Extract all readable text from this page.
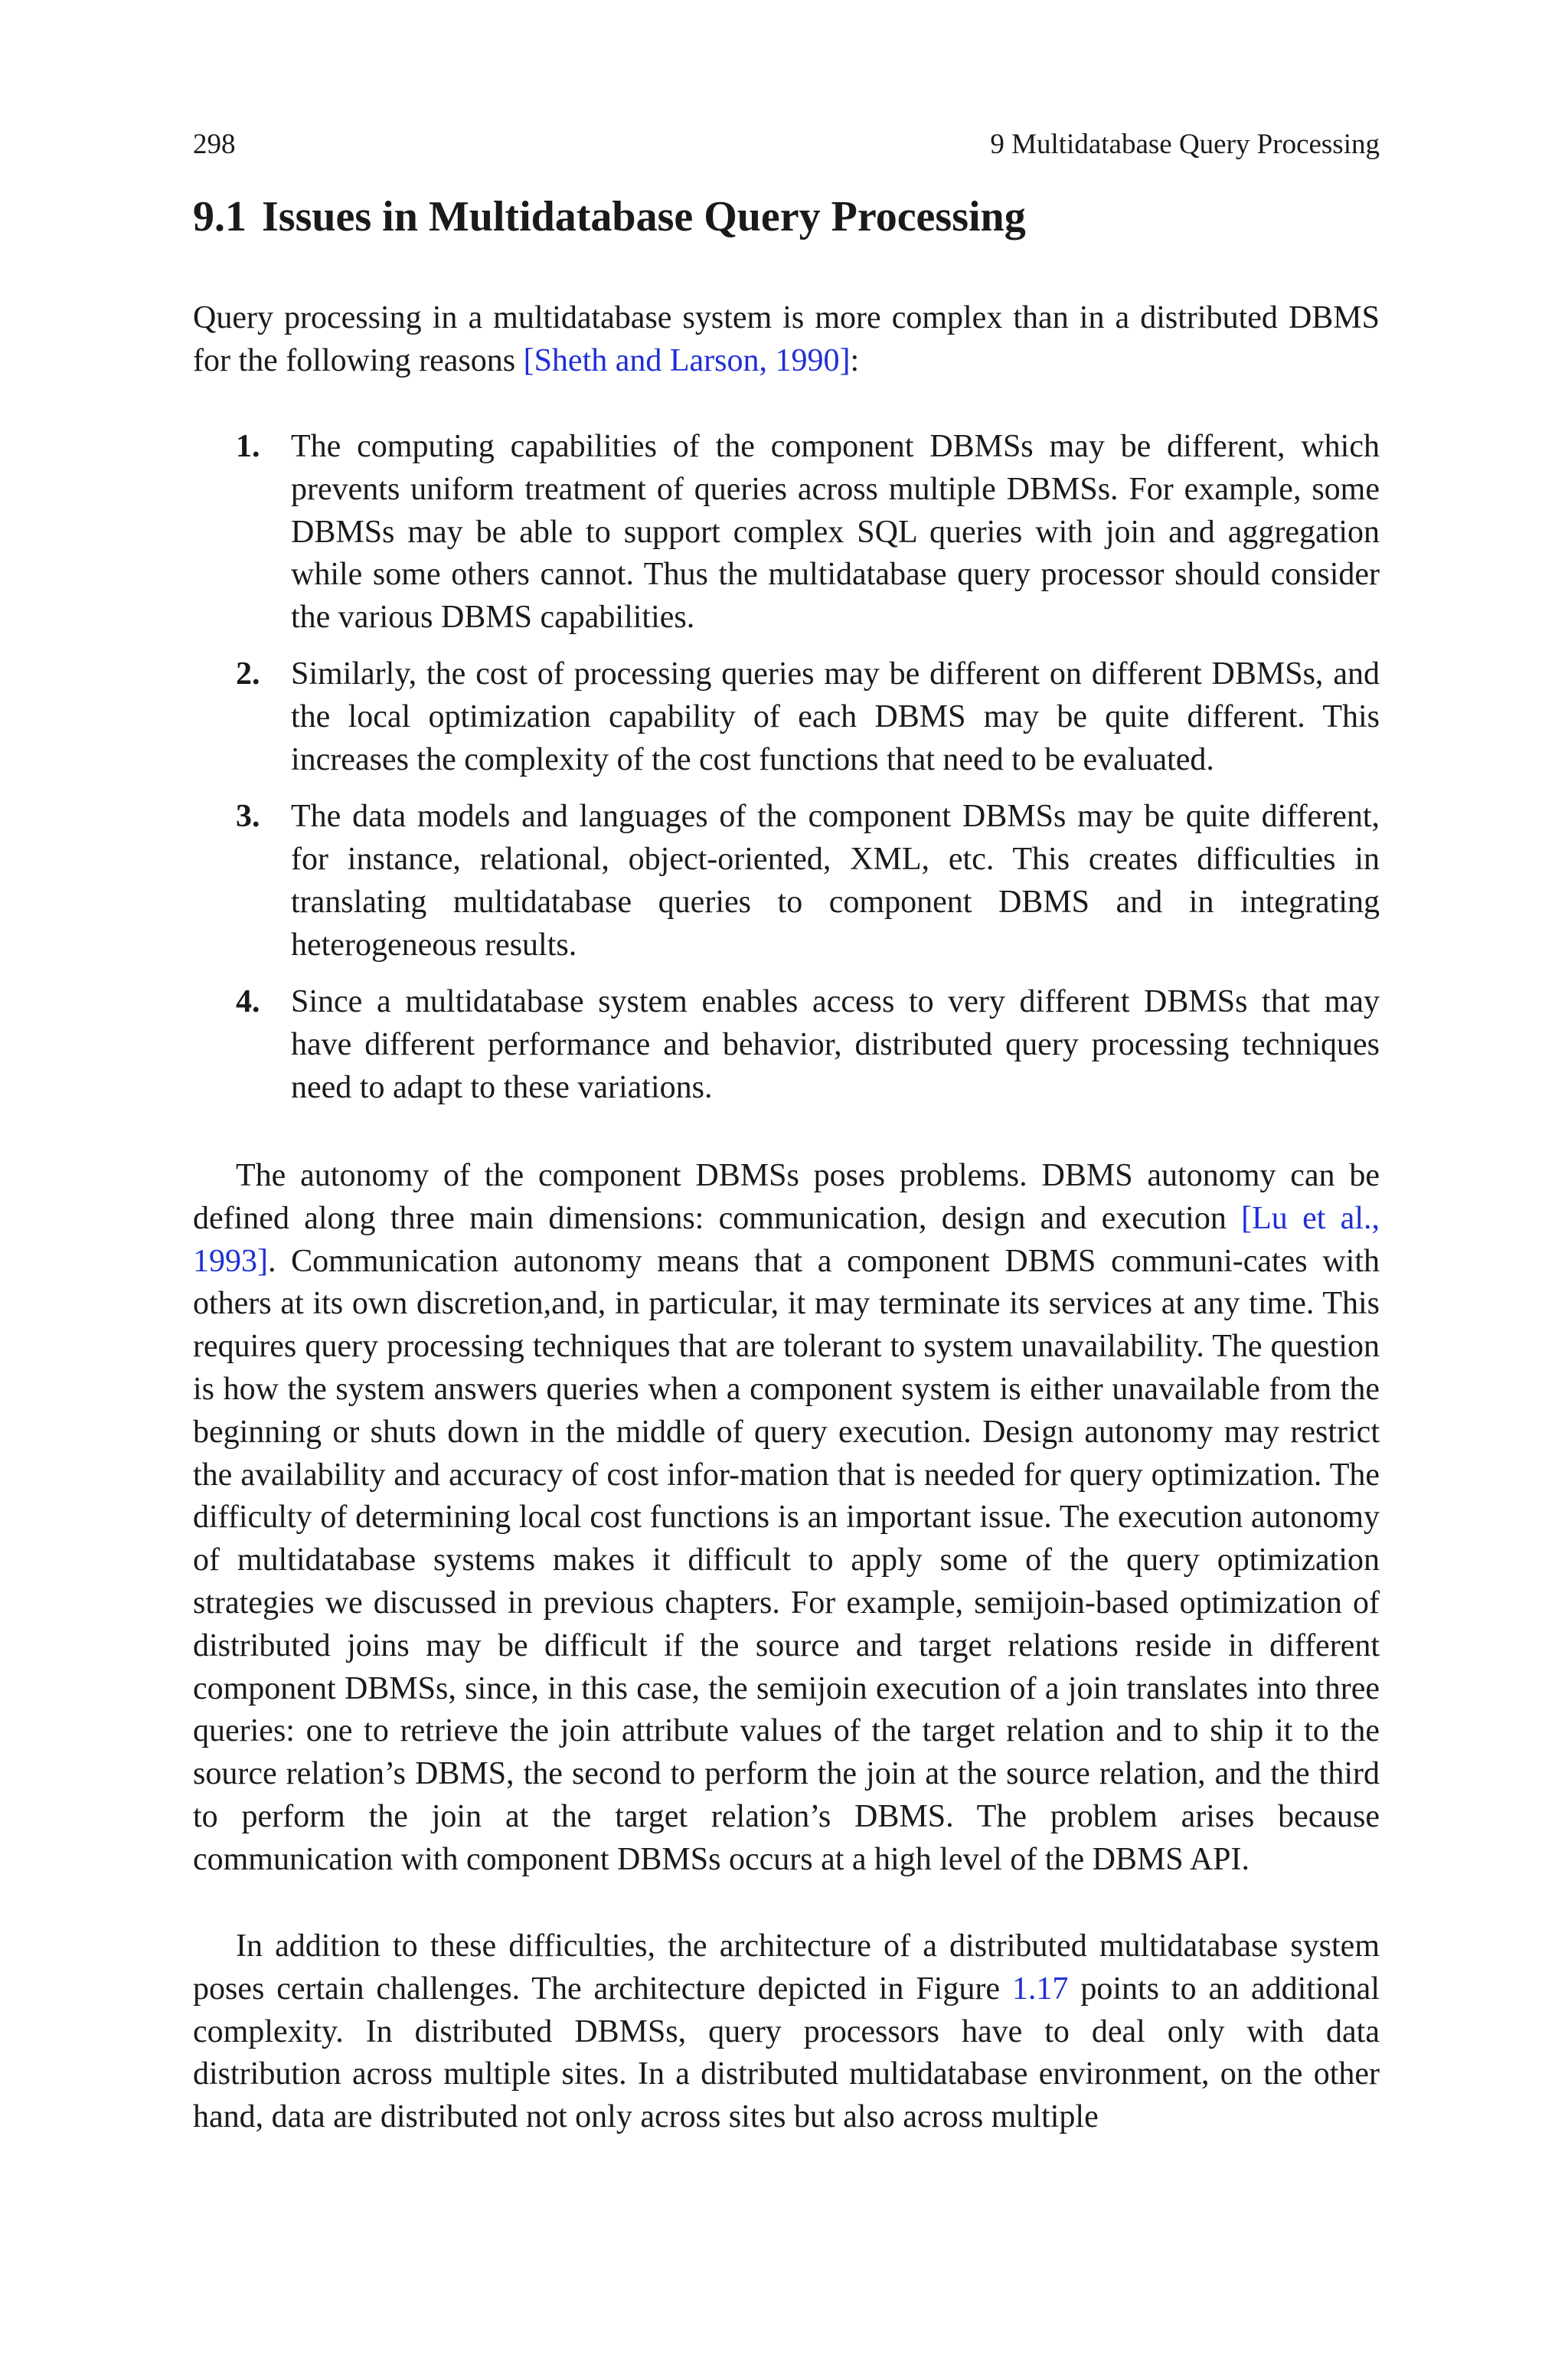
298	9 Multidatabase Query Processing
9.1 Issues in Multidatabase Query Processing

Query processing in a multidatabase system is more complex than in a distributed DBMS for the following reasons [Sheth and Larson, 1990]:

1. The computing capabilities of the component DBMSs may be different, which prevents uniform treatment of queries across multiple DBMSs. For example, some DBMSs may be able to support complex SQL queries with join and aggregation while some others cannot. Thus the multidatabase query processor should consider the various DBMS capabilities.
2. Similarly, the cost of processing queries may be different on different DBMSs, and the local optimization capability of each DBMS may be quite different. This increases the complexity of the cost functions that need to be evaluated.
3. The data models and languages of the component DBMSs may be quite different, for instance, relational, object-oriented, XML, etc. This creates difficulties in translating multidatabase queries to component DBMS and in integrating heterogeneous results.
4. Since a multidatabase system enables access to very different DBMSs that may have different performance and behavior, distributed query processing techniques need to adapt to these variations.

The autonomy of the component DBMSs poses problems. DBMS autonomy can be defined along three main dimensions: communication, design and execution [Lu et al., 1993]. Communication autonomy means that a component DBMS communi-cates with others at its own discretion,and, in particular, it may terminate its services at any time. This requires query processing techniques that are tolerant to system unavailability. The question is how the system answers queries when a component system is either unavailable from the beginning or shuts down in the middle of query execution. Design autonomy may restrict the availability and accuracy of cost infor-mation that is needed for query optimization. The difficulty of determining local cost functions is an important issue. The execution autonomy of multidatabase systems makes it difficult to apply some of the query optimization strategies we discussed in previous chapters. For example, semijoin-based optimization of distributed joins may be difficult if the source and target relations reside in different component DBMSs, since, in this case, the semijoin execution of a join translates into three queries: one to retrieve the join attribute values of the target relation and to ship it to the source relation’s DBMS, the second to perform the join at the source relation, and the third to perform the join at the target relation’s DBMS. The problem arises because communication with component DBMSs occurs at a high level of the DBMS API.

In addition to these difficulties, the architecture of a distributed multidatabase system poses certain challenges. The architecture depicted in Figure 1.17 points to an additional complexity. In distributed DBMSs, query processors have to deal only with data distribution across multiple sites. In a distributed multidatabase environment, on the other hand, data are distributed not only across sites but also across multiple
